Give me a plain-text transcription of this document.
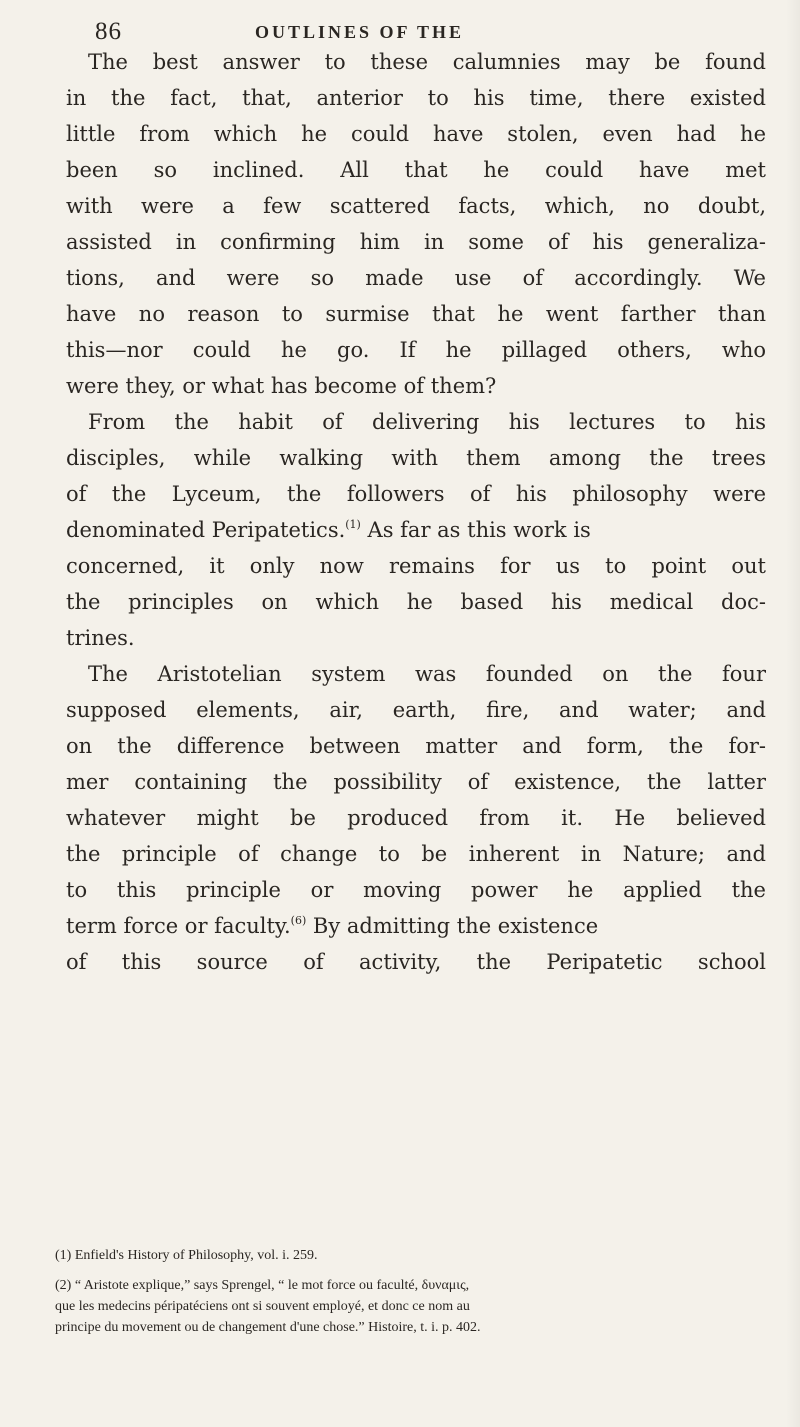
86	OUTLINES OF THE
The best answer to these calumnies may be found
in the fact, that, anterior to his time, there existed
little from which he could have stolen, even had he
been so inclined. All that he could have met
with were a few scattered facts, which, no doubt,
assisted in confirming him in some of his generaliza-
tions, and were so made use of accordingly. We
have no reason to surmise that he went farther than
this—nor could he go. If he pillaged others, who
were they, or what has become of them?
From the habit of delivering his lectures to his
disciples, while walking with them among the trees
of the Lyceum, the followers of his philosophy were
denominated Peripatetics.$^{(1)}$ As far as this work is
concerned, it only now remains for us to point out
the principles on which he based his medical doc-
trines.
The Aristotelian system was founded on the four
supposed elements, air, earth, fire, and water; and
on the difference between matter and form, the for-
mer containing the possibility of existence, the latter
whatever might be produced from it. He believed
the principle of change to be inherent in Nature; and
to this principle or moving power he applied the
term force or faculty.$^{(6)}$ By admitting the existence
of this source of activity, the Peripatetic school
(1) Enfield's History of Philosophy, vol. i. 259.
(2) “ Aristote explique,” says Sprengel, “ le mot force ou faculté, δυναμις,
que les medecins péripatéciens ont si souvent employé, et donc ce nom au
principe du movement ou de changement d'une chose.” Histoire, t. i. p. 402.
